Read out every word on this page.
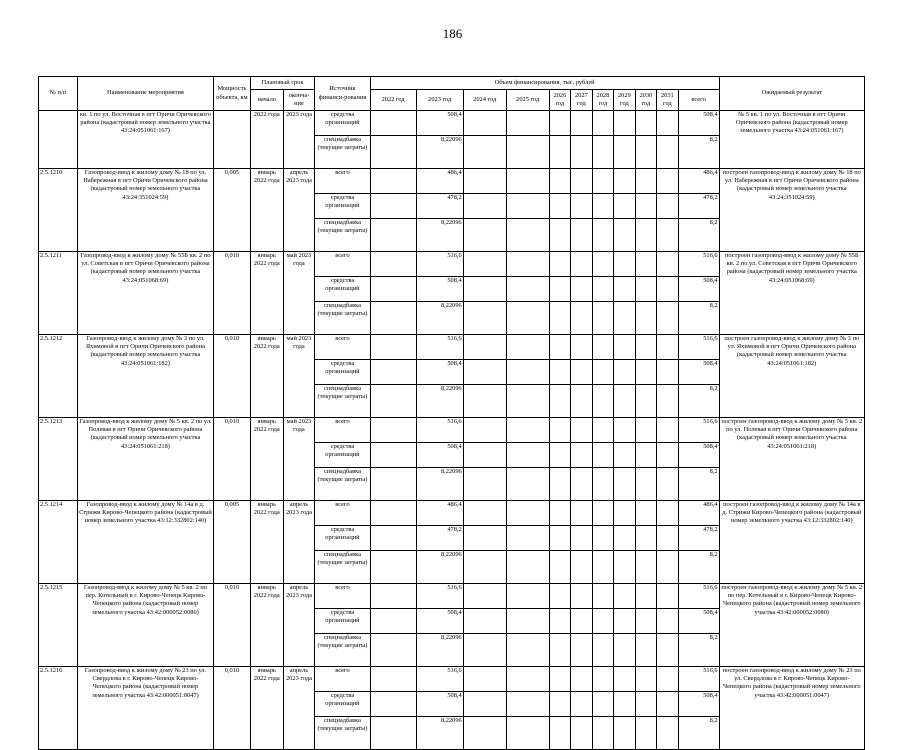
186
№ п/п	Наименование мероприятия	Мощность объекта, км	Плановый срок		Источник финанси-рования	Объем финансирования, тыс. рублей											Ожидаемый результат
			начало	оконча-ние		2022 год	2023 год	2024 год	2025 год	2026 год	2027 год	2028 год	2029 год	2030 год	2031 год	всего	
	кв. 1 по ул. Восточная в пгт Оричи Оричевского района (кадастровый номер земельного участка 43:24:051061:167)		2022 года	2023 года	средства организаций		508,4									508,4	№ 5 кв. 1 по ул. Восточная в пгт Оричи Оричевского района (кадастровый номер земельного участка 43:24:051061:167)
					спецнадбавка (текущие затраты)		8,22096									8,2	
2.5.1210	Газопровод-ввод к жилому дому № 18 по ул. Набережная в пгт Оричи Оричевского района (кадастровый номер земельного участка 43:24:351024:59)	0,005	январь 2022 года	апрель 2023 года	всего		486,4									486,4	построен газопровод-ввод к жилому дому № 18 по ул. Набережная в пгт Оричи Оричевского района (кадастровый номер земельного участка 43:24:351024:59)
					средства организаций		478,2									478,2	
					спецнадбавка (текущие затраты)		8,22096									8,2	
2.5.1211	Газопровод-ввод к жилому дому № 55Б кв. 2 по ул. Советская в пгт Оричи Оричевского района (кадастровый номер земельного участка 43:24:051068:69)	0,010	январь 2022 года	май 2023 года	всего		516,6									516,6	построен газопровод-ввод к жилому дому № 55Б кв. 2 по ул. Советская в пгт Оричи Оричевского района (кадастровый номер земельного участка 43:24:051068:69)
					средства организаций		508,4									508,4	
					спецнадбавка (текущие затраты)		8,22096									8,2	
2.5.1212	Газопровод-ввод к жилому дому № 3 по ул. Яхимовой в пгт Оричи Оричевского района (кадастровый номер земельного участка 43:24:051061:182)	0,010	январь 2022 года	май 2023 года	всего		516,6									516,6	построен газопровод-ввод к жилому дому № 3 по ул. Яхимовой в пгт Оричи Оричевского района (кадастровый номер земельного участка 43:24:051061:182)
					средства организаций		508,4									508,4	
					спецнадбавка (текущие затраты)		8,22096									8,2	
2.5.1213	Газопровод-ввод к жилому дому № 5 кв. 2 по ул. Полевая в пгт Оричи Оричевского района (кадастровый номер земельного участка 43:24:051061:218)	0,010	январь 2022 года	май 2023 года	всего		516,6									516,6	построен газопровод-ввод к жилому дому № 5 кв. 2 по ул. Полевая в пгт Оричи Оричевского района (кадастровый номер земельного участка 43:24:051061:218)
					средства организаций		508,4									508,4	
					спецнадбавка (текущие затраты)		8,22096									8,2	
2.5.1214	Газопровод-ввод к жилому дому № 14а в д. Стрижи Кирово-Чепецкого района (кадастровый номер земельного участка 43:12:332802:140)	0,005	январь 2022 года	апрель 2023 года	всего		486,4									486,4	построен газопровод-ввод к жилому дому № 14а в д. Стрижи Кирово-Чепецкого района (кадастровый номер земельного участка 43:12:332802:140)
					средства организаций		478,2									478,2	
					спецнадбавка (текущие затраты)		8,22096									8,2	
2.5.1215	Газопровод-ввод к жилому дому № 5 кв. 2 по пер. Котельный в г. Кирово-Чепецк Кирово-Чепецкого района (кадастровый номер земельного участка 43:42:000052:0080)	0,010	январь 2022 года	апрель 2023 года	всего		516,6									516,6	построен газопровод-ввод к жилому дому № 5 кв. 2 по пер. Котельный в г. Кирово-Чепецк Кирово-Чепецкого района (кадастровый номер земельного участка 43:42:000052:0080)
					средства организаций		508,4									508,4	
					спецнадбавка (текущие затраты)		8,22096									8,2	
2.5.1216	Газопровод-ввод к жилому дому № 23 по ул. Свердлова в г. Кирово-Чепецк Кирово-Чепецкого района (кадастровый номер земельного участка 43:42:000051:0047)	0,010	январь 2022 года	апрель 2023 года	всего		516,6									516,6	построен газопровод-ввод к жилому дому № 23 по ул. Свердлова в г. Кирово-Чепецк Кирово-Чепецкого района (кадастровый номер земельного участка 43:42:000051:0047)
					средства организаций		508,4									508,4	
					спецнадбавка (текущие затраты)		8,22096									8,2	
